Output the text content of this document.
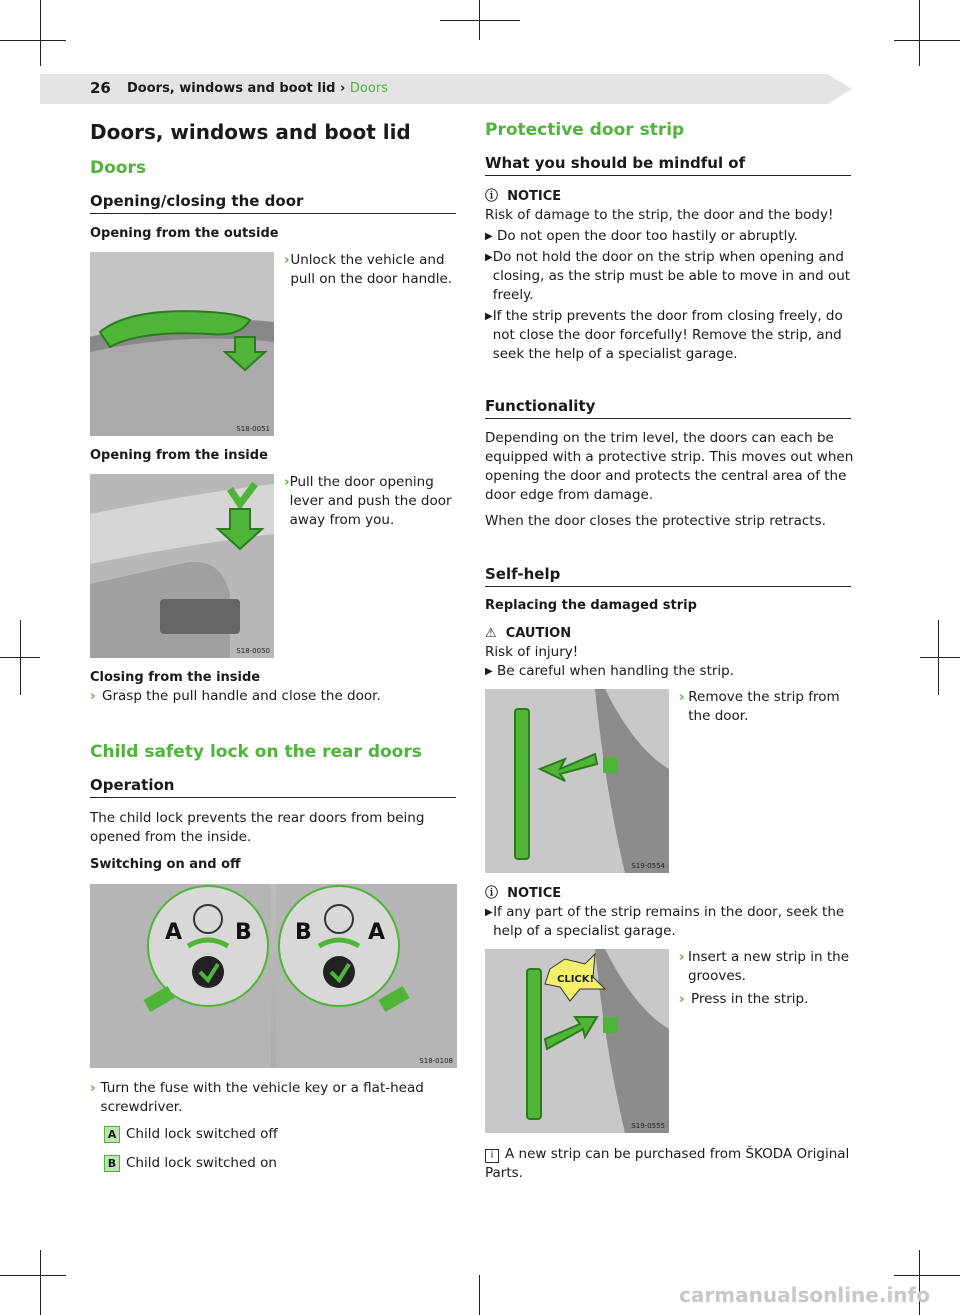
26 Doors, windows and boot lid › Doors
Doors, windows and boot lid
Doors
Opening/closing the door
Opening from the outside
S18-0051
› Unlock the vehicle and pull on the door handle.
Opening from the inside
S18-0050
› Pull the door opening lever and push the door away from you.
Closing from the inside
› Grasp the pull handle and close the door.
Child safety lock on the rear doors
Operation
The child lock prevents the rear doors from being opened from the inside.
Switching on and off
A B B	A
S18-0108
› Turn the fuse with the vehicle key or a flat-head screwdriver.
A Child lock switched off
B Child lock switched on
Protective door strip
What you should be mindful of
ⓘ NOTICE
Risk of damage to the strip, the door and the body!
▶ Do not open the door too hastily or abruptly.
▶ Do not hold the door on the strip when opening and closing, as the strip must be able to move in and out freely.
▶ If the strip prevents the door from closing freely, do not close the door forcefully! Remove the strip, and seek the help of a specialist garage.
Functionality
Depending on the trim level, the doors can each be equipped with a protective strip. This moves out when opening the door and protects the central area of the door edge from damage.
When the door closes the protective strip retracts.
Self-help
Replacing the damaged strip
⚠ CAUTION
Risk of injury!
▶ Be careful when handling the strip.
S19-0554
› Remove the strip from the door.
ⓘ NOTICE
▶ If any part of the strip remains in the door, seek the help of a specialist garage.
CLICK!
S19-0555
› Insert a new strip in the grooves.
› Press in the strip.
i A new strip can be purchased from ŠKODA Original Parts.
carmanualsonline.info
